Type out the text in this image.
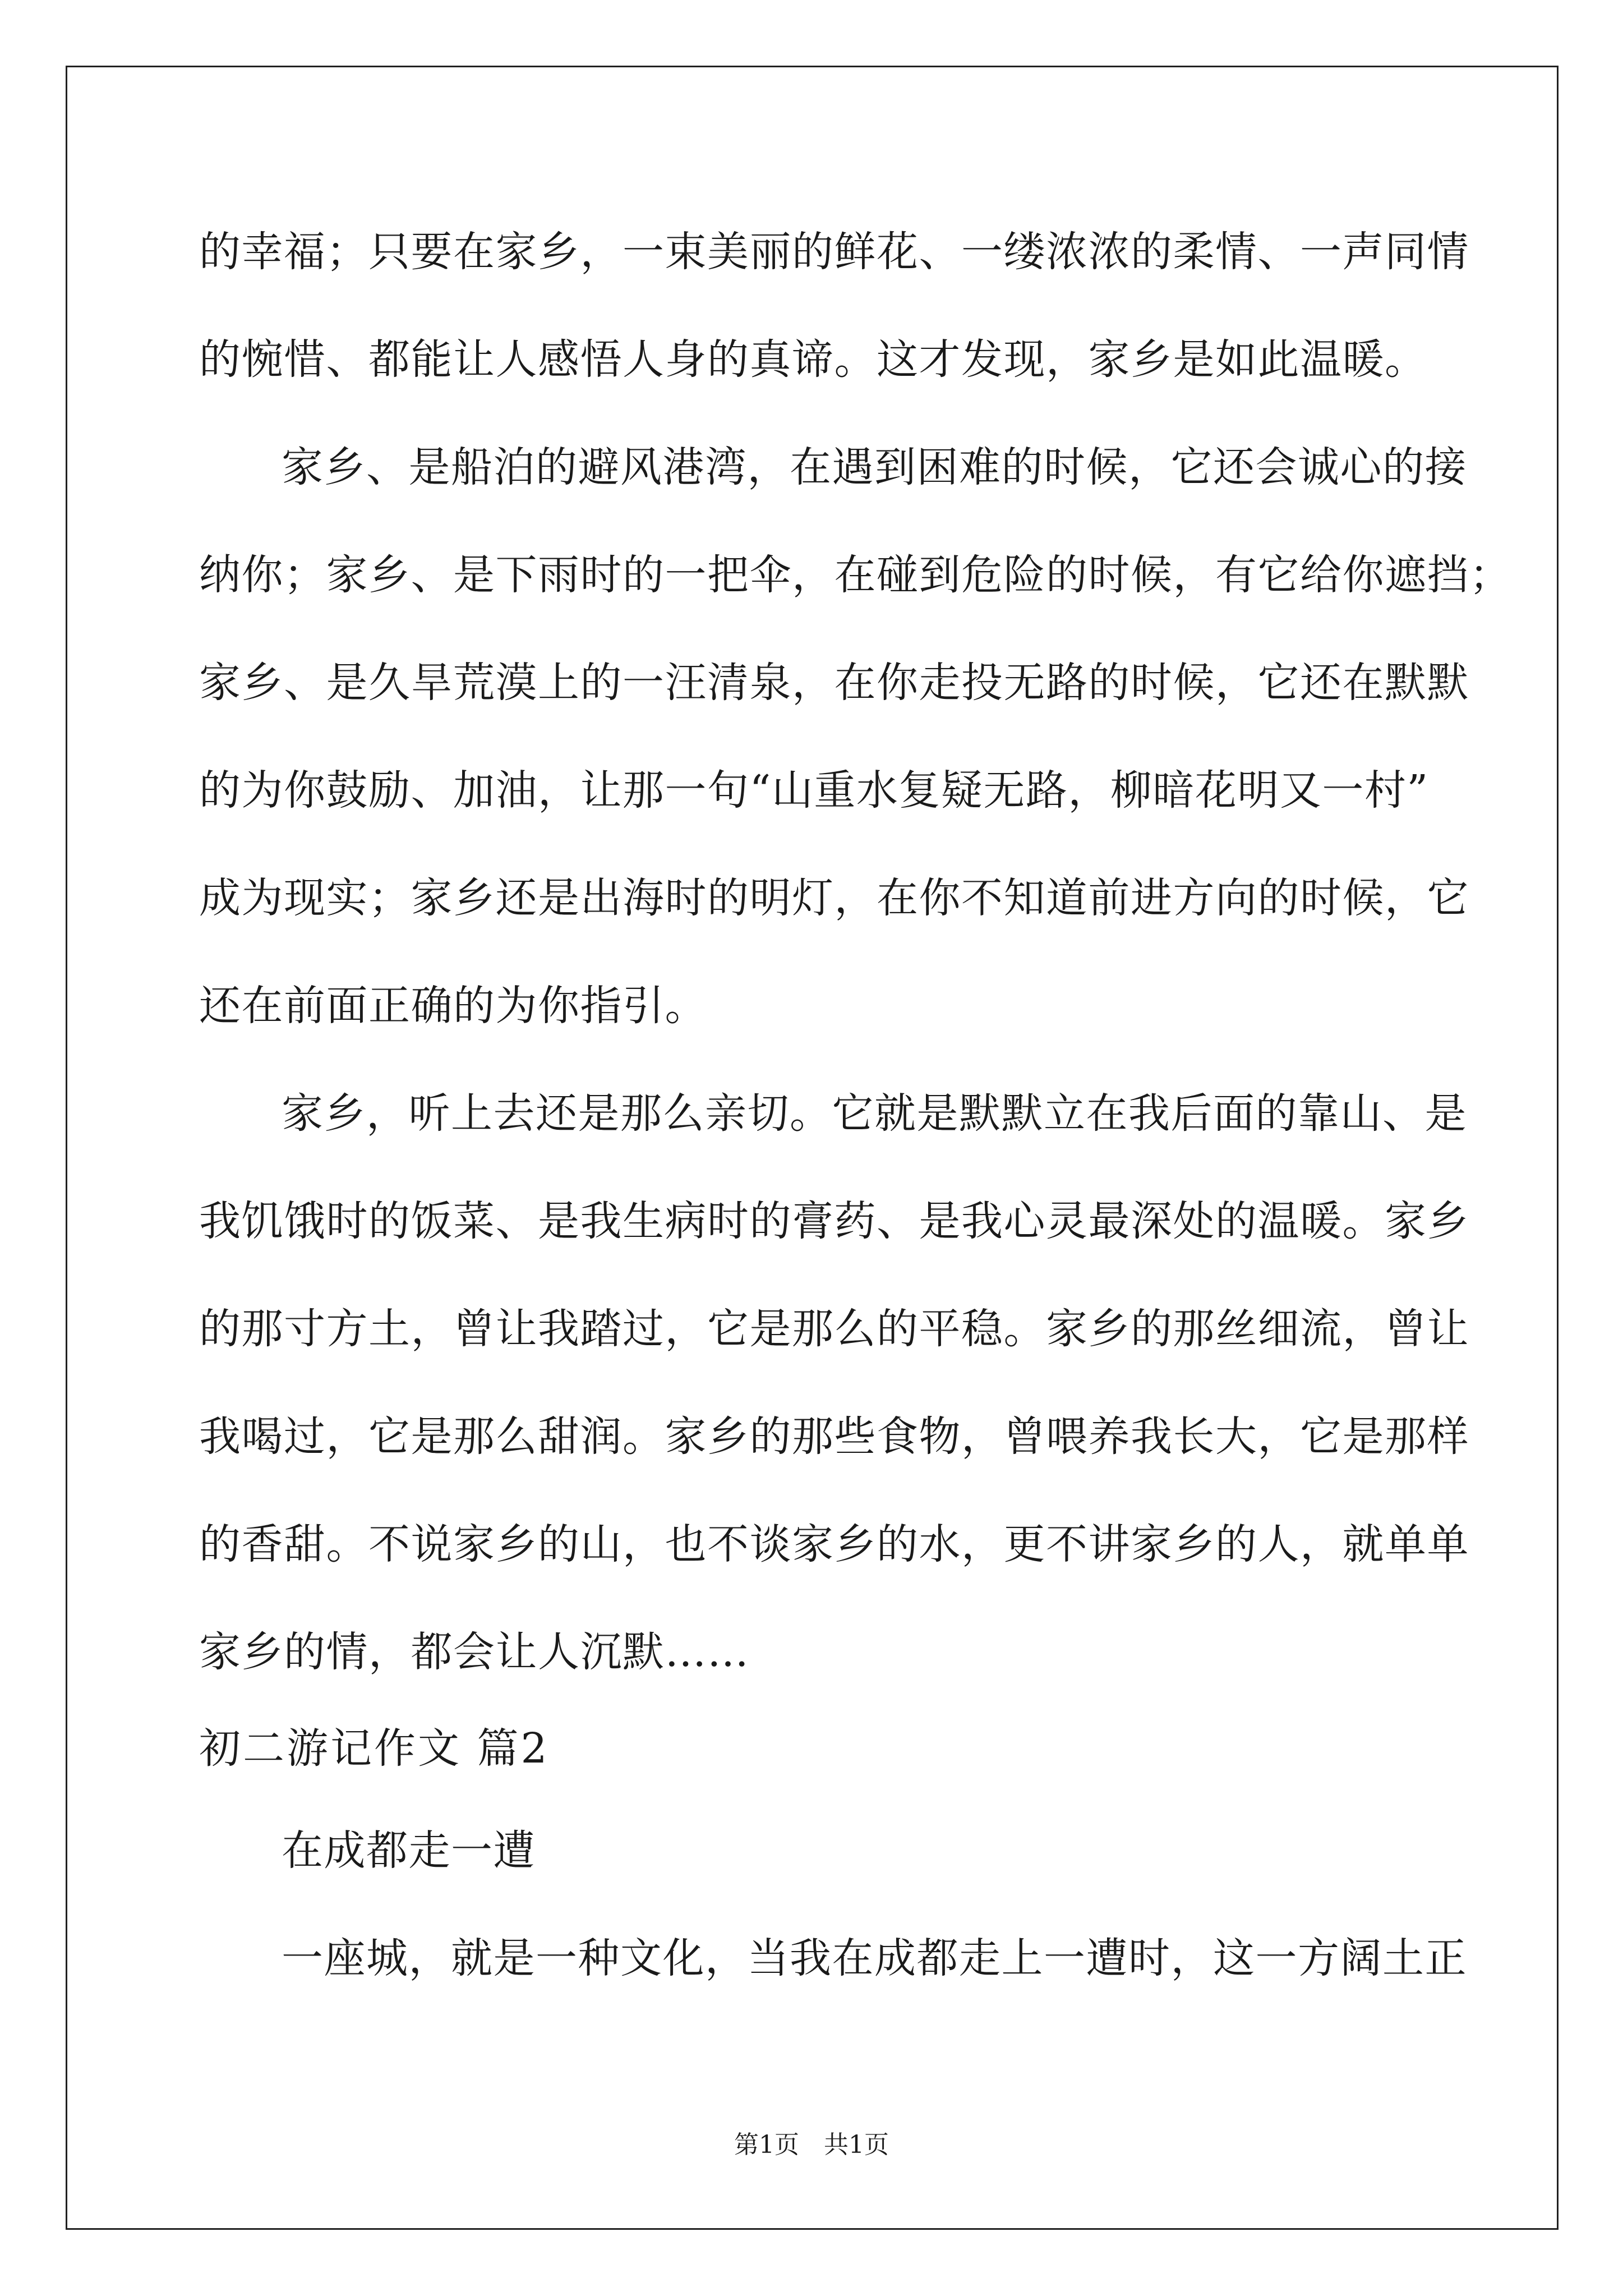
的幸福；只要在家乡，一束美丽的鲜花、一缕浓浓的柔情、一声同情
的惋惜、都能让人感悟人身的真谛。这才发现，家乡是如此温暖。
家乡、是船泊的避风港湾，在遇到困难的时候，它还会诚心的接
纳你；家乡、是下雨时的一把伞，在碰到危险的时候，有它给你遮挡；
家乡、是久旱荒漠上的一汪清泉，在你走投无路的时候，它还在默默
的为你鼓励、加油，让那一句“山重水复疑无路，柳暗花明又一村”
成为现实；家乡还是出海时的明灯，在你不知道前进方向的时候，它
还在前面正确的为你指引。
家乡，听上去还是那么亲切。它就是默默立在我后面的靠山、是
我饥饿时的饭菜、是我生病时的膏药、是我心灵最深处的温暖。家乡
的那寸方土，曾让我踏过，它是那么的平稳。家乡的那丝细流，曾让
我喝过，它是那么甜润。家乡的那些食物，曾喂养我长大，它是那样
的香甜。不说家乡的山，也不谈家乡的水，更不讲家乡的人，就单单
家乡的情，都会让人沉默……
初二游记作文 篇2
在成都走一遭
一座城，就是一种文化，当我在成都走上一遭时，这一方阔土正
第1页　共1页
